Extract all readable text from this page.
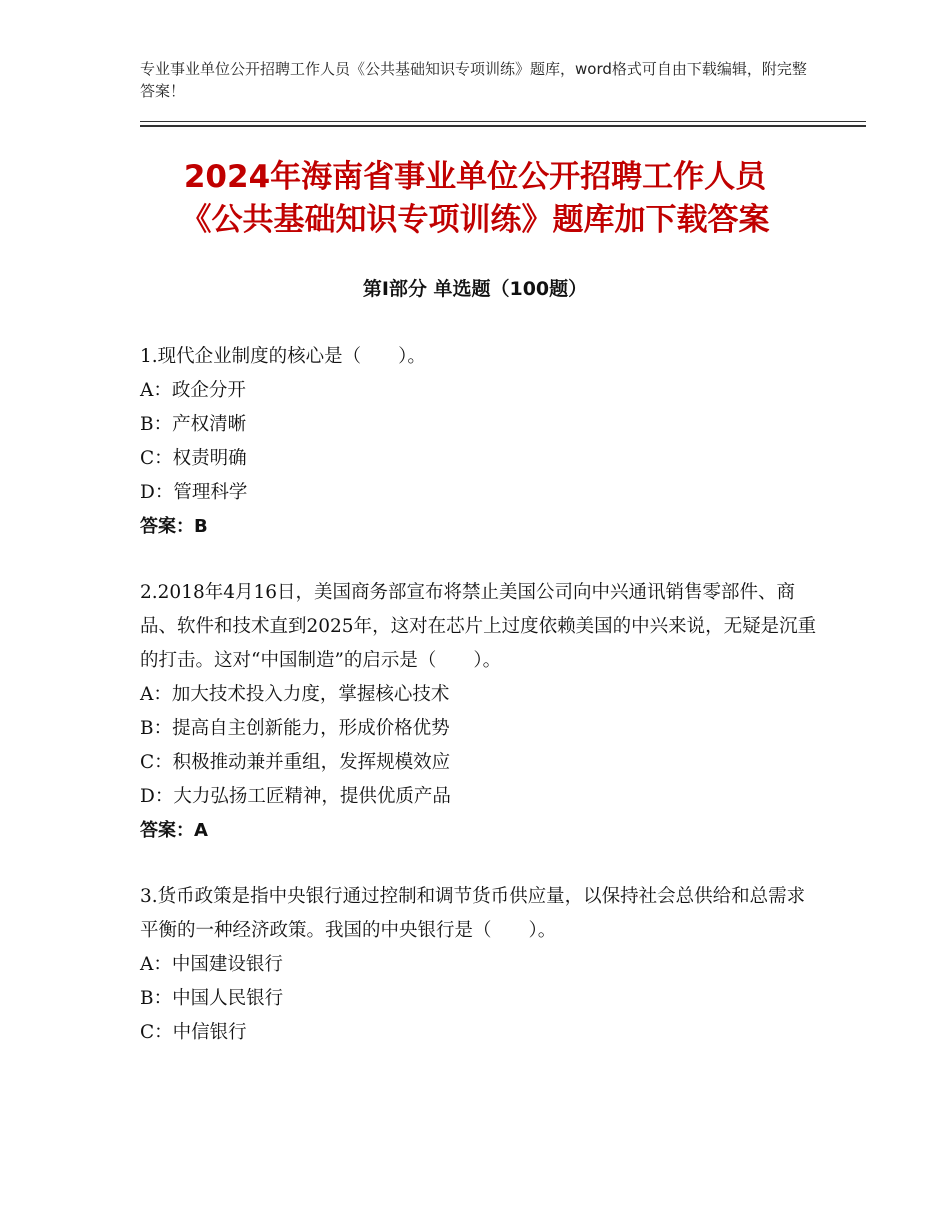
专业事业单位公开招聘工作人员《公共基础知识专项训练》题库，word格式可自由下载编辑，附完整答案！
2024年海南省事业单位公开招聘工作人员
《公共基础知识专项训练》题库加下载答案
第Ⅰ部分 单选题（100题）

1.现代企业制度的核心是（　　）。

A：政企分开

B：产权清晰

C：权责明确

D：管理科学

答案：B

2.2018年4月16日，美国商务部宣布将禁止美国公司向中兴通讯销售零部件、商品、软件和技术直到2025年，这对在芯片上过度依赖美国的中兴来说，无疑是沉重的打击。这对“中国制造”的启示是（　　）。

A：加大技术投入力度，掌握核心技术

B：提高自主创新能力，形成价格优势

C：积极推动兼并重组，发挥规模效应

D：大力弘扬工匠精神，提供优质产品

答案：A

3.货币政策是指中央银行通过控制和调节货币供应量，以保持社会总供给和总需求平衡的一种经济政策。我国的中央银行是（　　）。

A：中国建设银行

B：中国人民银行

C：中信银行
